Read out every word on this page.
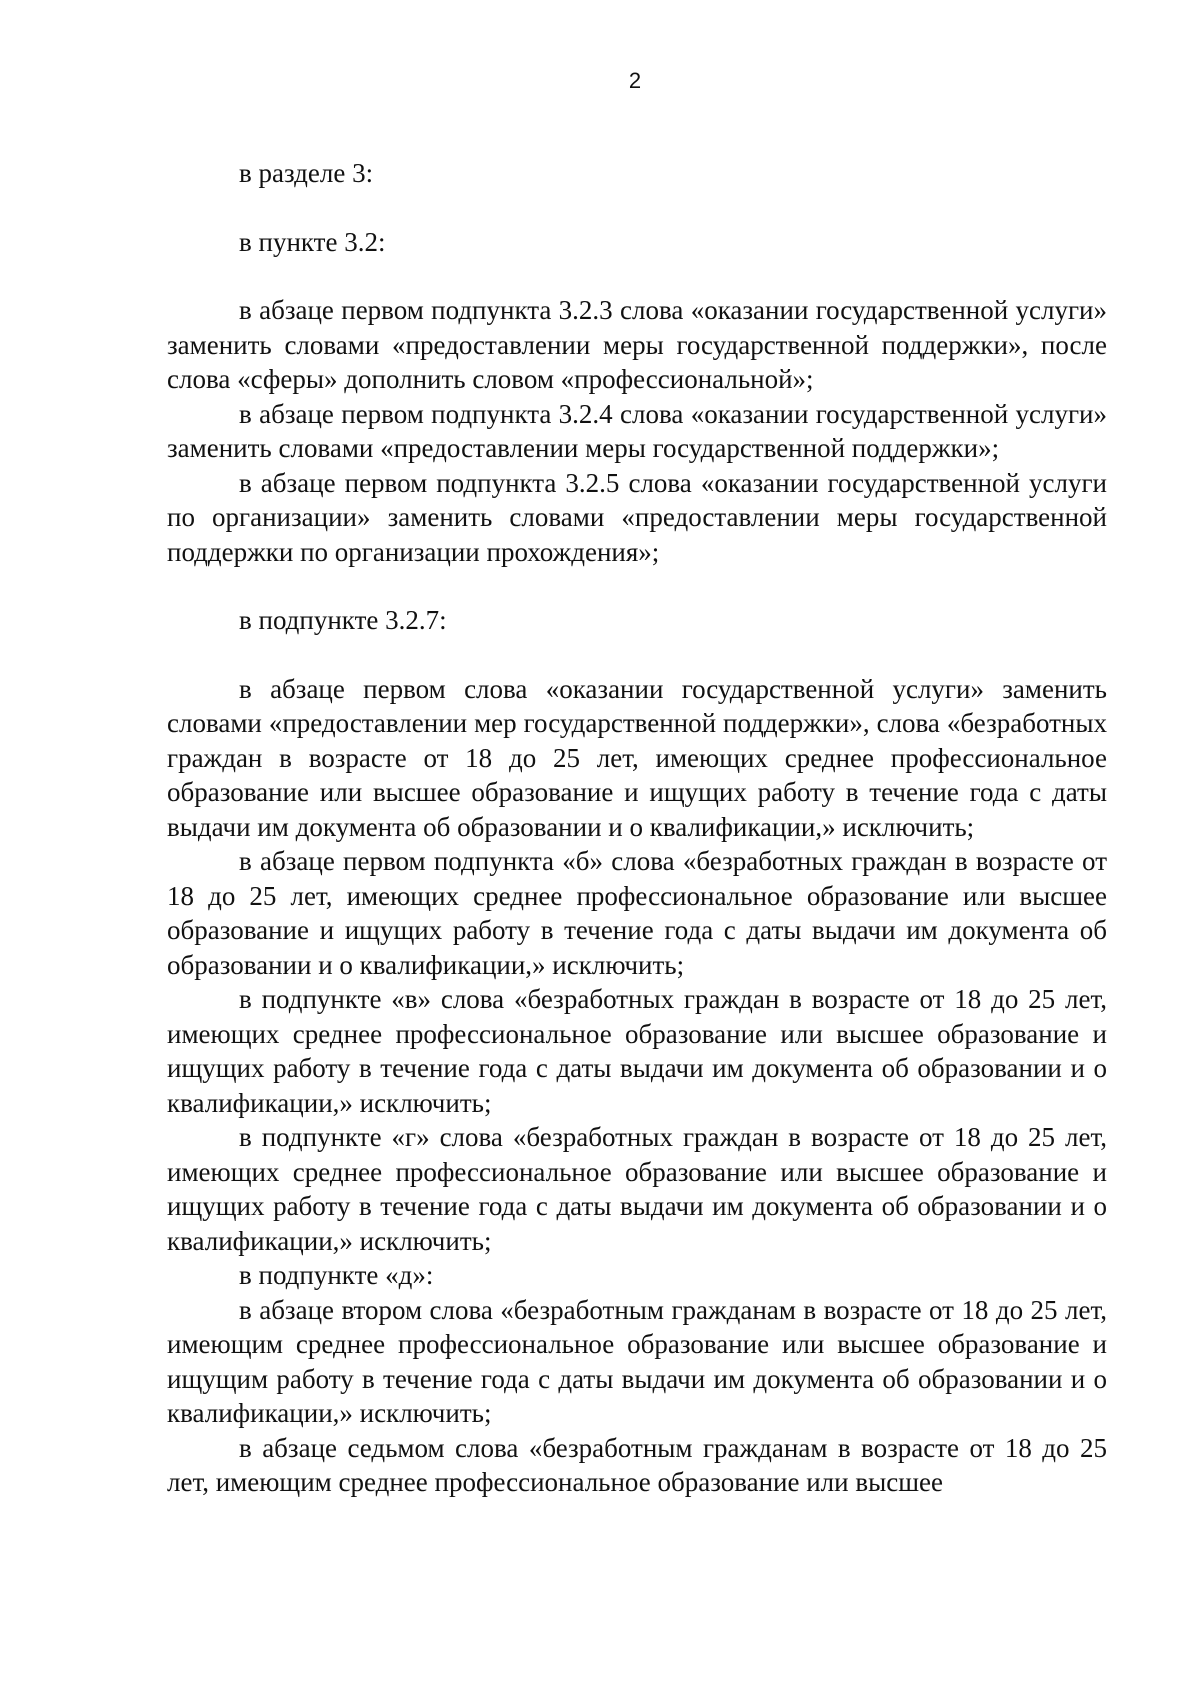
2

в разделе 3:

в пункте 3.2:

в абзаце первом подпункта 3.2.3 слова «оказании государственной услуги» заменить словами «предоставлении меры государственной поддержки», после слова «сферы» дополнить словом «профессиональной»;

в абзаце первом подпункта 3.2.4 слова «оказании государственной услуги» заменить словами «предоставлении меры государственной поддержки»;

в абзаце первом подпункта 3.2.5 слова «оказании государственной услуги по организации» заменить словами «предоставлении меры государственной поддержки по организации прохождения»;

в подпункте 3.2.7:

в абзаце первом слова «оказании государственной услуги» заменить словами «предоставлении мер государственной поддержки», слова «безработных граждан в возрасте от 18 до 25 лет, имеющих среднее профессиональное образование или высшее образование и ищущих работу в течение года с даты выдачи им документа об образовании и о квалификации,» исключить;

в абзаце первом подпункта «б» слова «безработных граждан в возрасте от 18 до 25 лет, имеющих среднее профессиональное образование или высшее образование и ищущих работу в течение года с даты выдачи им документа об образовании и о квалификации,» исключить;

в подпункте «в» слова «безработных граждан в возрасте от 18 до 25 лет, имеющих среднее профессиональное образование или высшее образование и ищущих работу в течение года с даты выдачи им документа об образовании и о квалификации,» исключить;

в подпункте «г» слова «безработных граждан в возрасте от 18 до 25 лет, имеющих среднее профессиональное образование или высшее образование и ищущих работу в течение года с даты выдачи им документа об образовании и о квалификации,» исключить;

в подпункте «д»:

в абзаце втором слова «безработным гражданам в возрасте от 18 до 25 лет, имеющим среднее профессиональное образование или высшее образование и ищущим работу в течение года с даты выдачи им документа об образовании и о квалификации,» исключить;

в абзаце седьмом слова «безработным гражданам в возрасте от 18 до 25 лет, имеющим среднее профессиональное образование или высшее
